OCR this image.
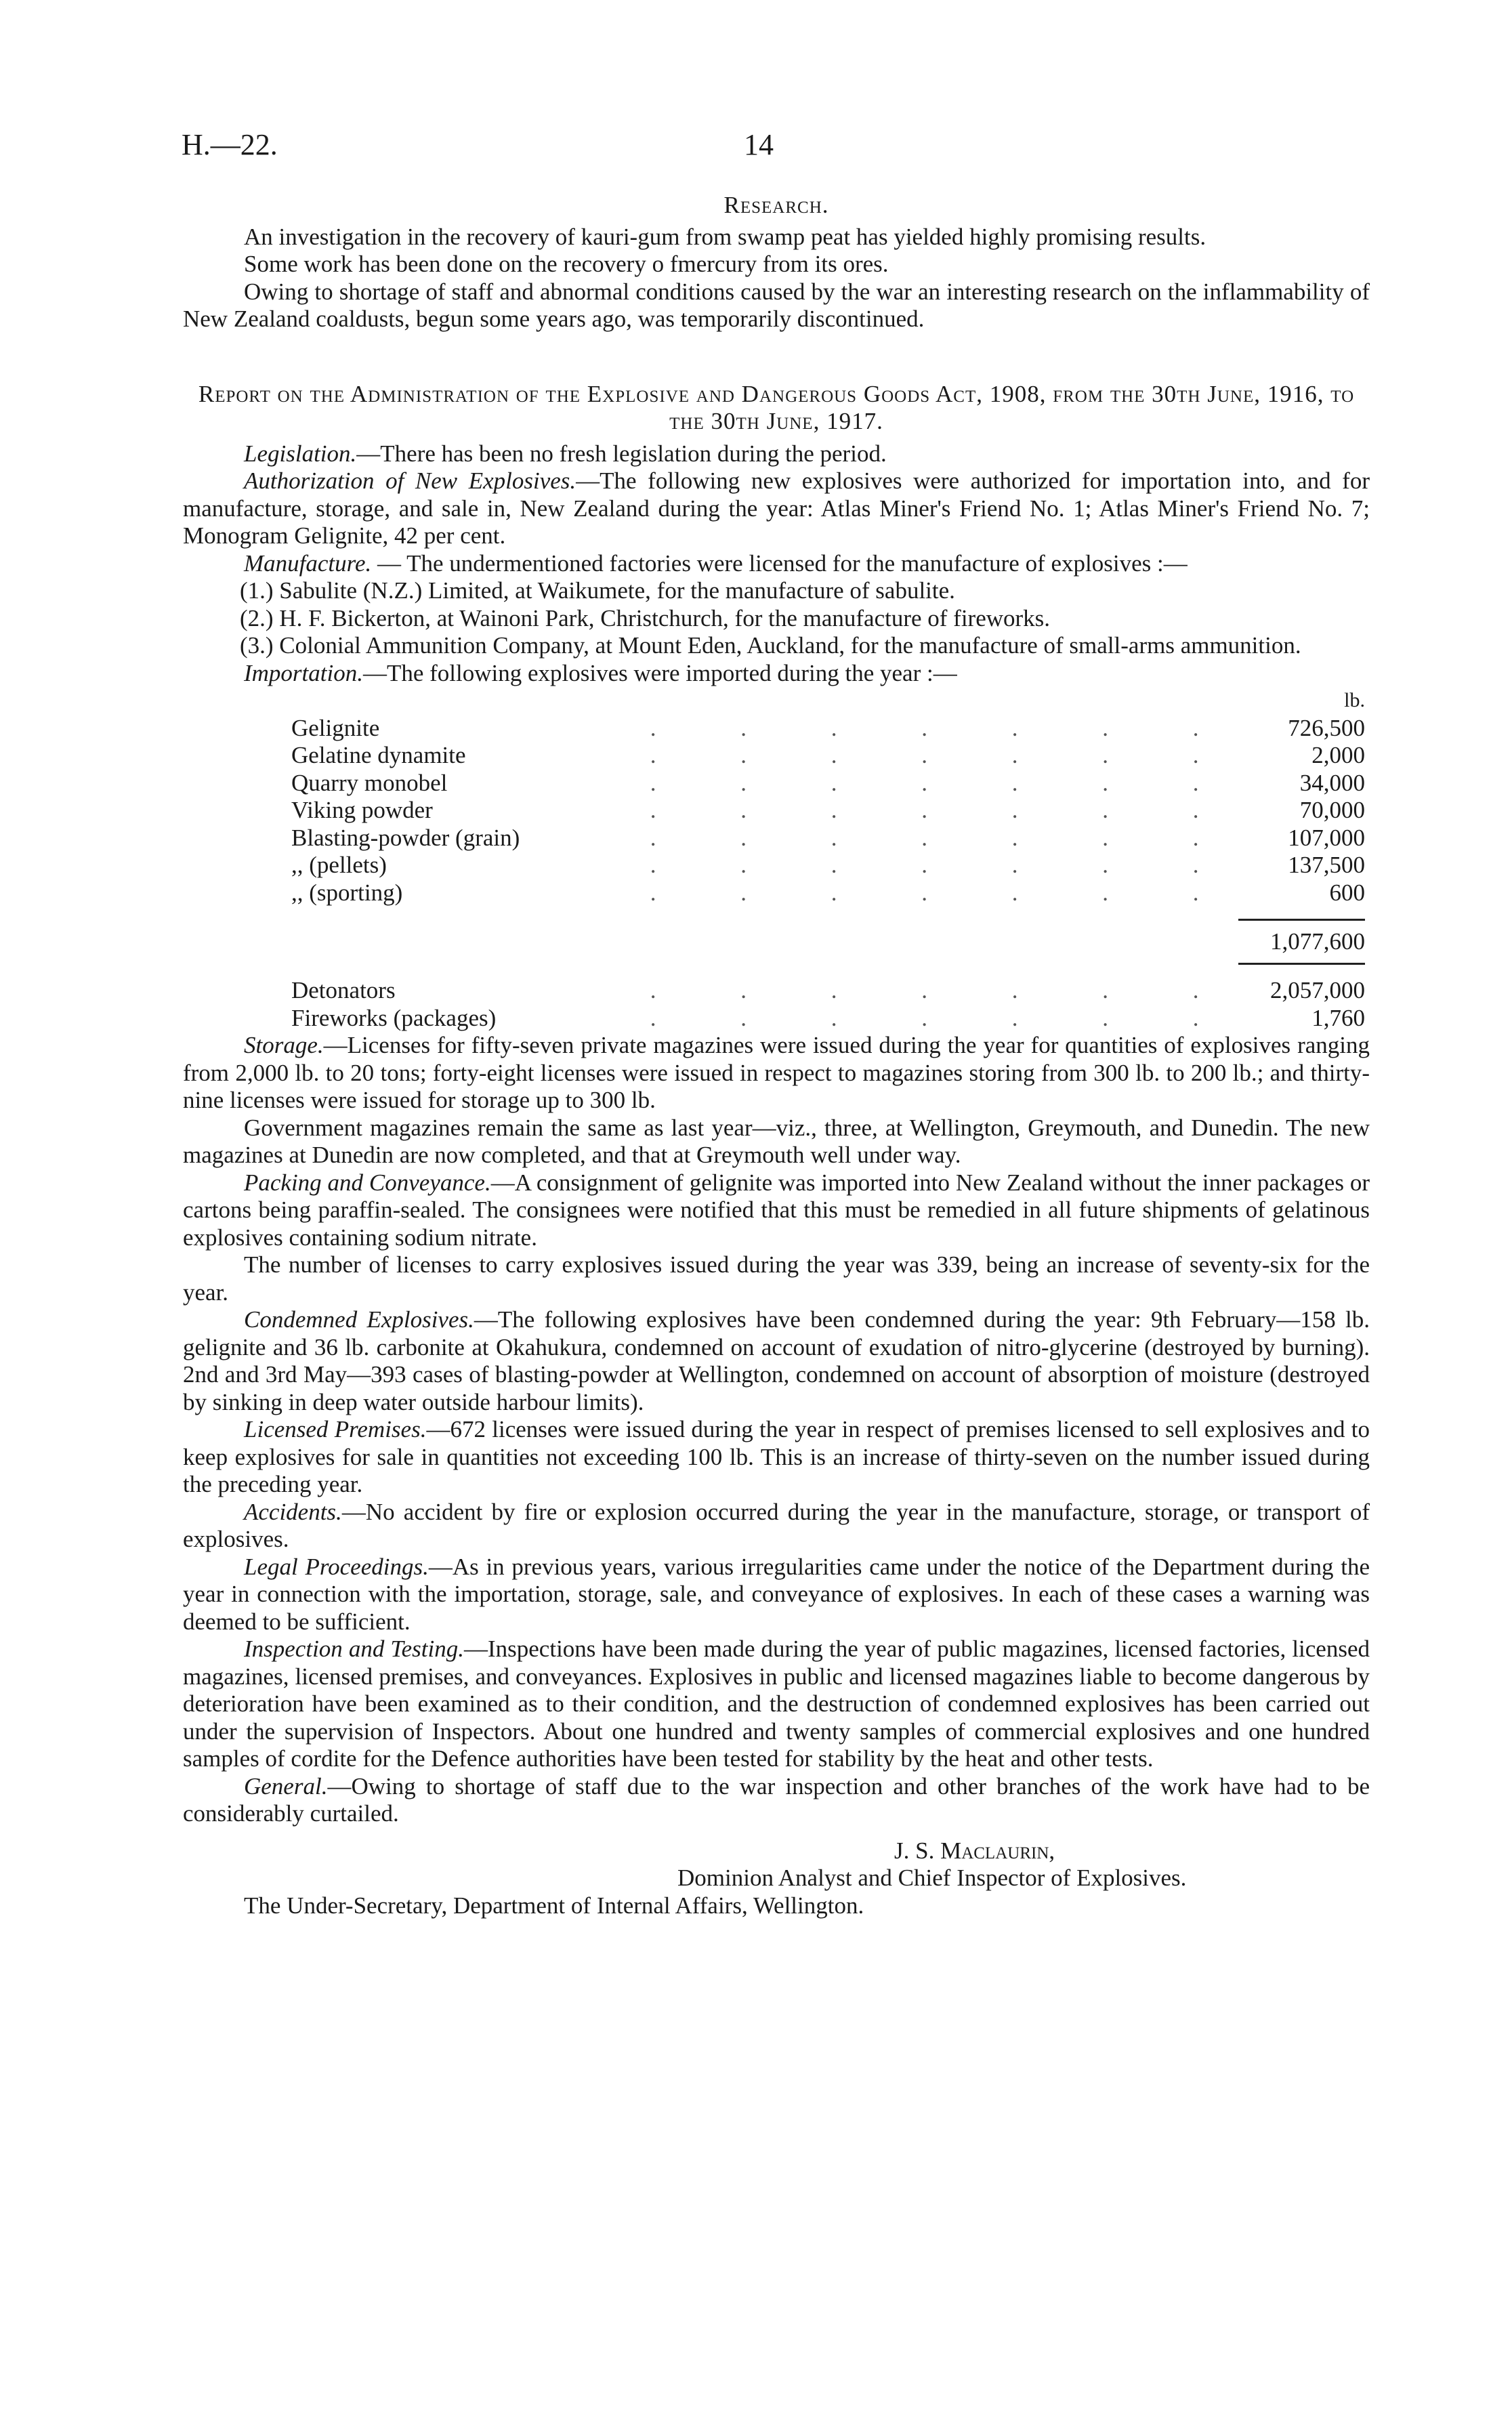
H.—22.	14
Research.

An investigation in the recovery of kauri-gum from swamp peat has yielded highly promising results.

Some work has been done on the recovery o fmercury from its ores.

Owing to shortage of staff and abnormal conditions caused by the war an interesting research on the inflammability of New Zealand coaldusts, begun some years ago, was temporarily discontinued.

Report on the Administration of the Explosive and Dangerous Goods Act, 1908, from the 30th June, 1916, to the 30th June, 1917.

Legislation.—There has been no fresh legislation during the period.

Authorization of New Explosives.—The following new explosives were authorized for importation into, and for manufacture, storage, and sale in, New Zealand during the year: Atlas Miner's Friend No. 1; Atlas Miner's Friend No. 7; Monogram Gelignite, 42 per cent.

Manufacture. — The undermentioned factories were licensed for the manufacture of explosives :—

(1.) Sabulite (N.Z.) Limited, at Waikumete, for the manufacture of sabulite.
(2.) H. F. Bickerton, at Wainoni Park, Christchurch, for the manufacture of fireworks.
(3.) Colonial Ammunition Company, at Mount Eden, Auckland, for the manufacture of small-arms ammunition.

Importation.—The following explosives were imported during the year :—

		lb.
Gelignite	. . . . . . .	726,500
Gelatine dynamite	. . . . . . .	2,000
Quarry monobel	. . . . . . .	34,000
Viking powder	. . . . . . .	70,000
Blasting-powder (grain)	. . . . . . .	107,000
,, (pellets)	. . . . . . .	137,500
,, (sporting)	. . . . . . .	600

		1,077,600

Detonators	. . . . . . .	2,057,000
Fireworks (packages)	. . . . . . .	1,760

Storage.—Licenses for fifty-seven private magazines were issued during the year for quantities of explosives ranging from 2,000 lb. to 20 tons; forty-eight licenses were issued in respect to magazines storing from 300 lb. to 200 lb.; and thirty-nine licenses were issued for storage up to 300 lb.

Government magazines remain the same as last year—viz., three, at Wellington, Greymouth, and Dunedin. The new magazines at Dunedin are now completed, and that at Greymouth well under way.

Packing and Conveyance.—A consignment of gelignite was imported into New Zealand without the inner packages or cartons being paraffin-sealed. The consignees were notified that this must be remedied in all future shipments of gelatinous explosives containing sodium nitrate.

The number of licenses to carry explosives issued during the year was 339, being an increase of seventy-six for the year.

Condemned Explosives.—The following explosives have been condemned during the year: 9th February—158 lb. gelignite and 36 lb. carbonite at Okahukura, condemned on account of exudation of nitro-glycerine (destroyed by burning). 2nd and 3rd May—393 cases of blasting-powder at Wellington, condemned on account of absorption of moisture (destroyed by sinking in deep water outside harbour limits).

Licensed Premises.—672 licenses were issued during the year in respect of premises licensed to sell explosives and to keep explosives for sale in quantities not exceeding 100 lb. This is an increase of thirty-seven on the number issued during the preceding year.

Accidents.—No accident by fire or explosion occurred during the year in the manufacture, storage, or transport of explosives.

Legal Proceedings.—As in previous years, various irregularities came under the notice of the Department during the year in connection with the importation, storage, sale, and conveyance of explosives. In each of these cases a warning was deemed to be sufficient.

Inspection and Testing.—Inspections have been made during the year of public magazines, licensed factories, licensed magazines, licensed premises, and conveyances. Explosives in public and licensed magazines liable to become dangerous by deterioration have been examined as to their condition, and the destruction of condemned explosives has been carried out under the supervision of Inspectors. About one hundred and twenty samples of commercial explosives and one hundred samples of cordite for the Defence authorities have been tested for stability by the heat and other tests.

General.—Owing to shortage of staff due to the war inspection and other branches of the work have had to be considerably curtailed.

J. S. Maclaurin,
Dominion Analyst and Chief Inspector of Explosives.
The Under-Secretary, Department of Internal Affairs, Wellington.
